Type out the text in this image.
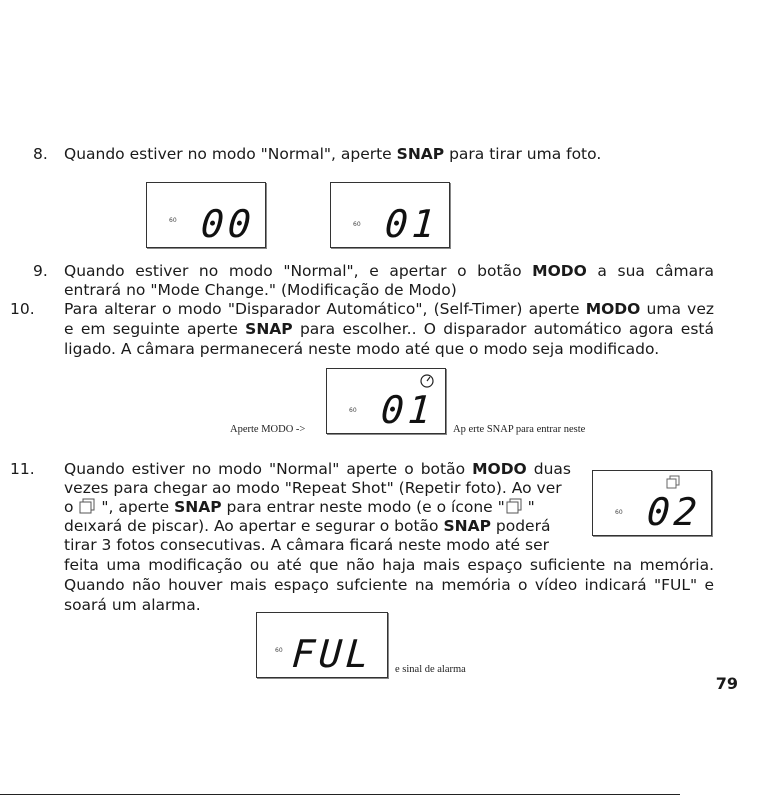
8. Quando estiver no modo "Normal", aperte SNAP para tirar uma foto.

60 00	60 01
9. Quando estiver no modo "Normal", e apertar o botão MODO a sua câmara

entrará no "Mode Change." (Modificação de Modo)

10. Para alterar o modo "Disparador Automático", (Self-Timer) aperte MODO uma vez

e em seguinte aperte SNAP para escolher.. O disparador automático agora está

ligado. A câmara permanecerá neste modo até que o modo seja modificado.

Aperte MODO ->
60 01 Ap erte SNAP para entrar neste
11. Quando estiver no modo "Normal" aperte o botão MODO duas

vezes para chegar ao modo "Repeat Shot" (Repetir foto). Ao ver

o  ", aperte SNAP para entrar neste modo (e o ícone " "

deıxará de piscar). Ao apertar e segurar o botão SNAP poderá

tirar 3 fotos consecutivas. A câmara ficará neste modo até ser

feita uma modificação ou até que não haja mais espaço suficiente na memória.

Quando não houver mais espaço sufciente na memória o vídeo indicará "FUL" e

soará um alarma.

60 02
60 FUL e sinal de alarma
79
